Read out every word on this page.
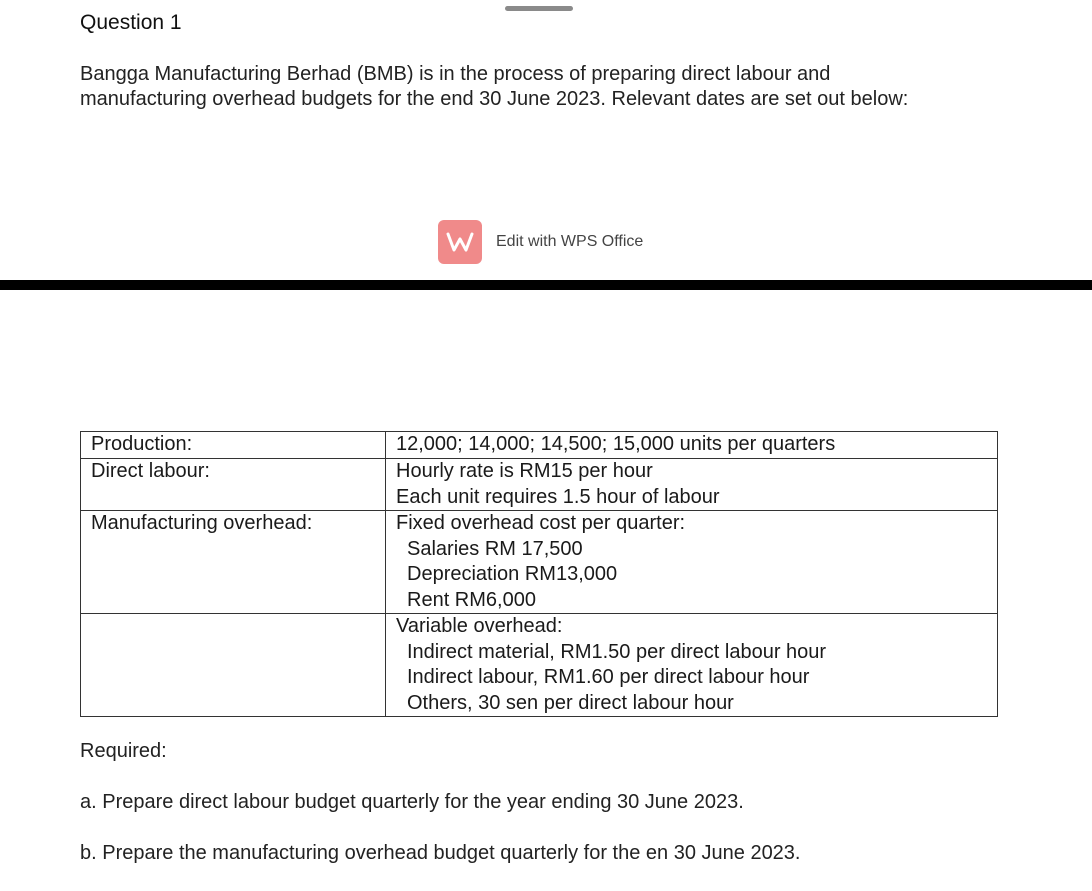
Question 1
Bangga Manufacturing Berhad (BMB) is in the process of preparing direct labour and
manufacturing overhead budgets for the end 30 June 2023. Relevant dates are set out below:
Edit with WPS Office
Production:	12,000; 14,000; 14,500; 15,000 units per quarters

Direct labour:	Hourly rate is RM15 per hour
Each unit requires 1.5 hour of labour

Manufacturing overhead:	Fixed overhead cost per quarter:
Salaries RM 17,500
Depreciation RM13,000
Rent RM6,000

	Variable overhead:
Indirect material, RM1.50 per direct labour hour
Indirect labour, RM1.60 per direct labour hour
Others, 30 sen per direct labour hour
Required:
a. Prepare direct labour budget quarterly for the year ending 30 June 2023.
b. Prepare the manufacturing overhead budget quarterly for the en 30 June 2023.
